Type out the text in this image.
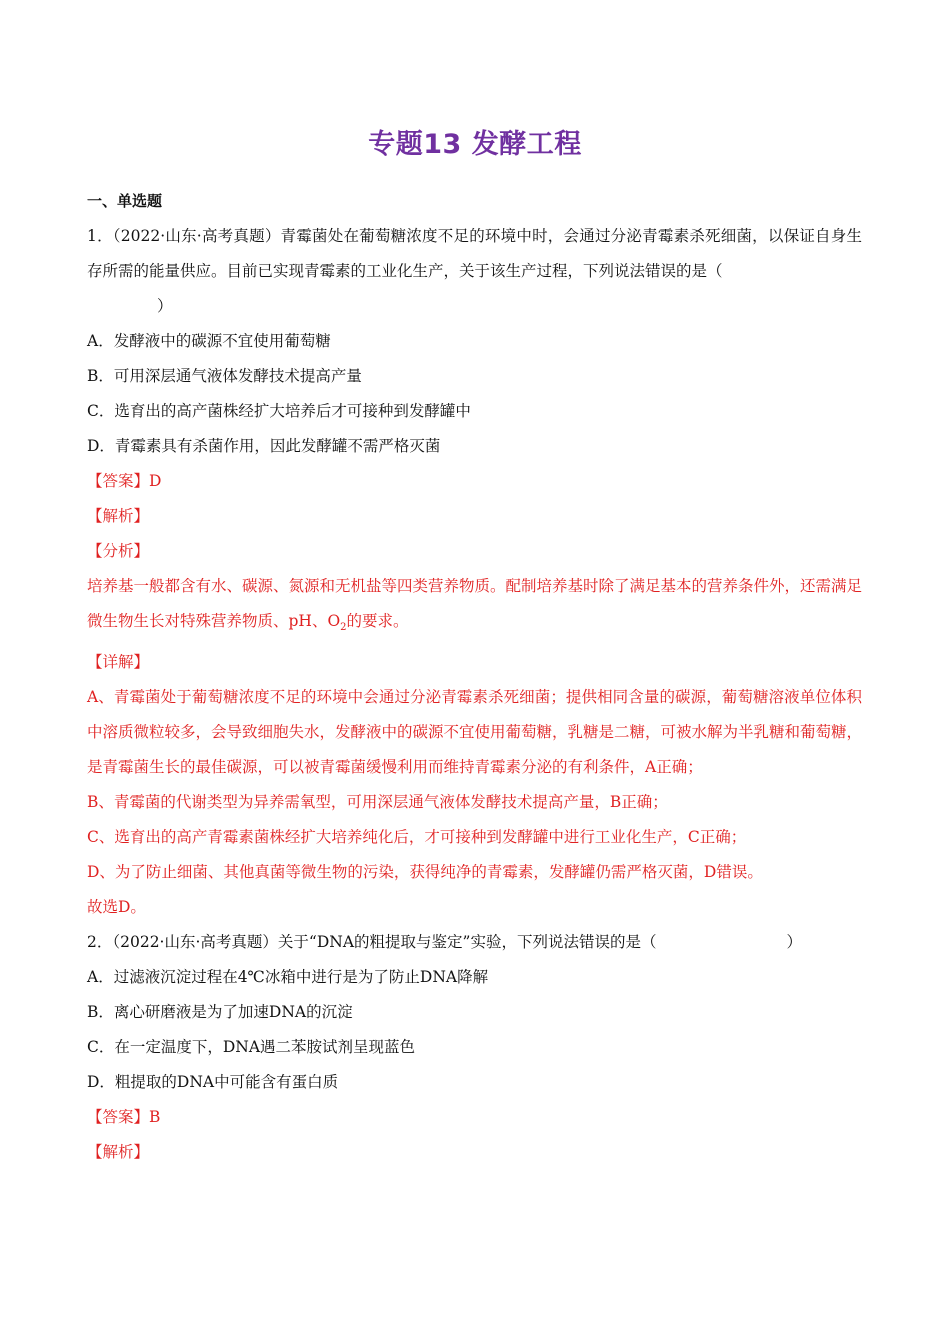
专题13 发酵工程
一、单选题
1．（2022·山东·高考真题）青霉菌处在葡萄糖浓度不足的环境中时，会通过分泌青霉素杀死细菌，以保证自身生存所需的能量供应。目前已实现青霉素的工业化生产，关于该生产过程，下列说法错误的是（
）
A．发酵液中的碳源不宜使用葡萄糖
B．可用深层通气液体发酵技术提高产量
C．选育出的高产菌株经扩大培养后才可接种到发酵罐中
D．青霉素具有杀菌作用，因此发酵罐不需严格灭菌
【答案】D
【解析】
【分析】
培养基一般都含有水、碳源、氮源和无机盐等四类营养物质。配制培养基时除了满足基本的营养条件外，还需满足微生物生长对特殊营养物质、pH、$O_2$的要求。
【详解】
A、青霉菌处于葡萄糖浓度不足的环境中会通过分泌青霉素杀死细菌；提供相同含量的碳源，葡萄糖溶液单位体积中溶质微粒较多，会导致细胞失水，发酵液中的碳源不宜使用葡萄糖，乳糖是二糖，可被水解为半乳糖和葡萄糖，是青霉菌生长的最佳碳源，可以被青霉菌缓慢利用而维持青霉素分泌的有利条件，A正确；
B、青霉菌的代谢类型为异养需氧型，可用深层通气液体发酵技术提高产量，B正确；
C、选育出的高产青霉素菌株经扩大培养纯化后，才可接种到发酵罐中进行工业化生产，C正确；
D、为了防止细菌、其他真菌等微生物的污染，获得纯净的青霉素，发酵罐仍需严格灭菌，D错误。
故选D。
2．（2022·山东·高考真题）关于“DNA的粗提取与鉴定”实验，下列说法错误的是（	）
A．过滤液沉淀过程在4℃冰箱中进行是为了防止DNA降解
B．离心研磨液是为了加速DNA的沉淀
C．在一定温度下，DNA遇二苯胺试剂呈现蓝色
D．粗提取的DNA中可能含有蛋白质
【答案】B
【解析】
